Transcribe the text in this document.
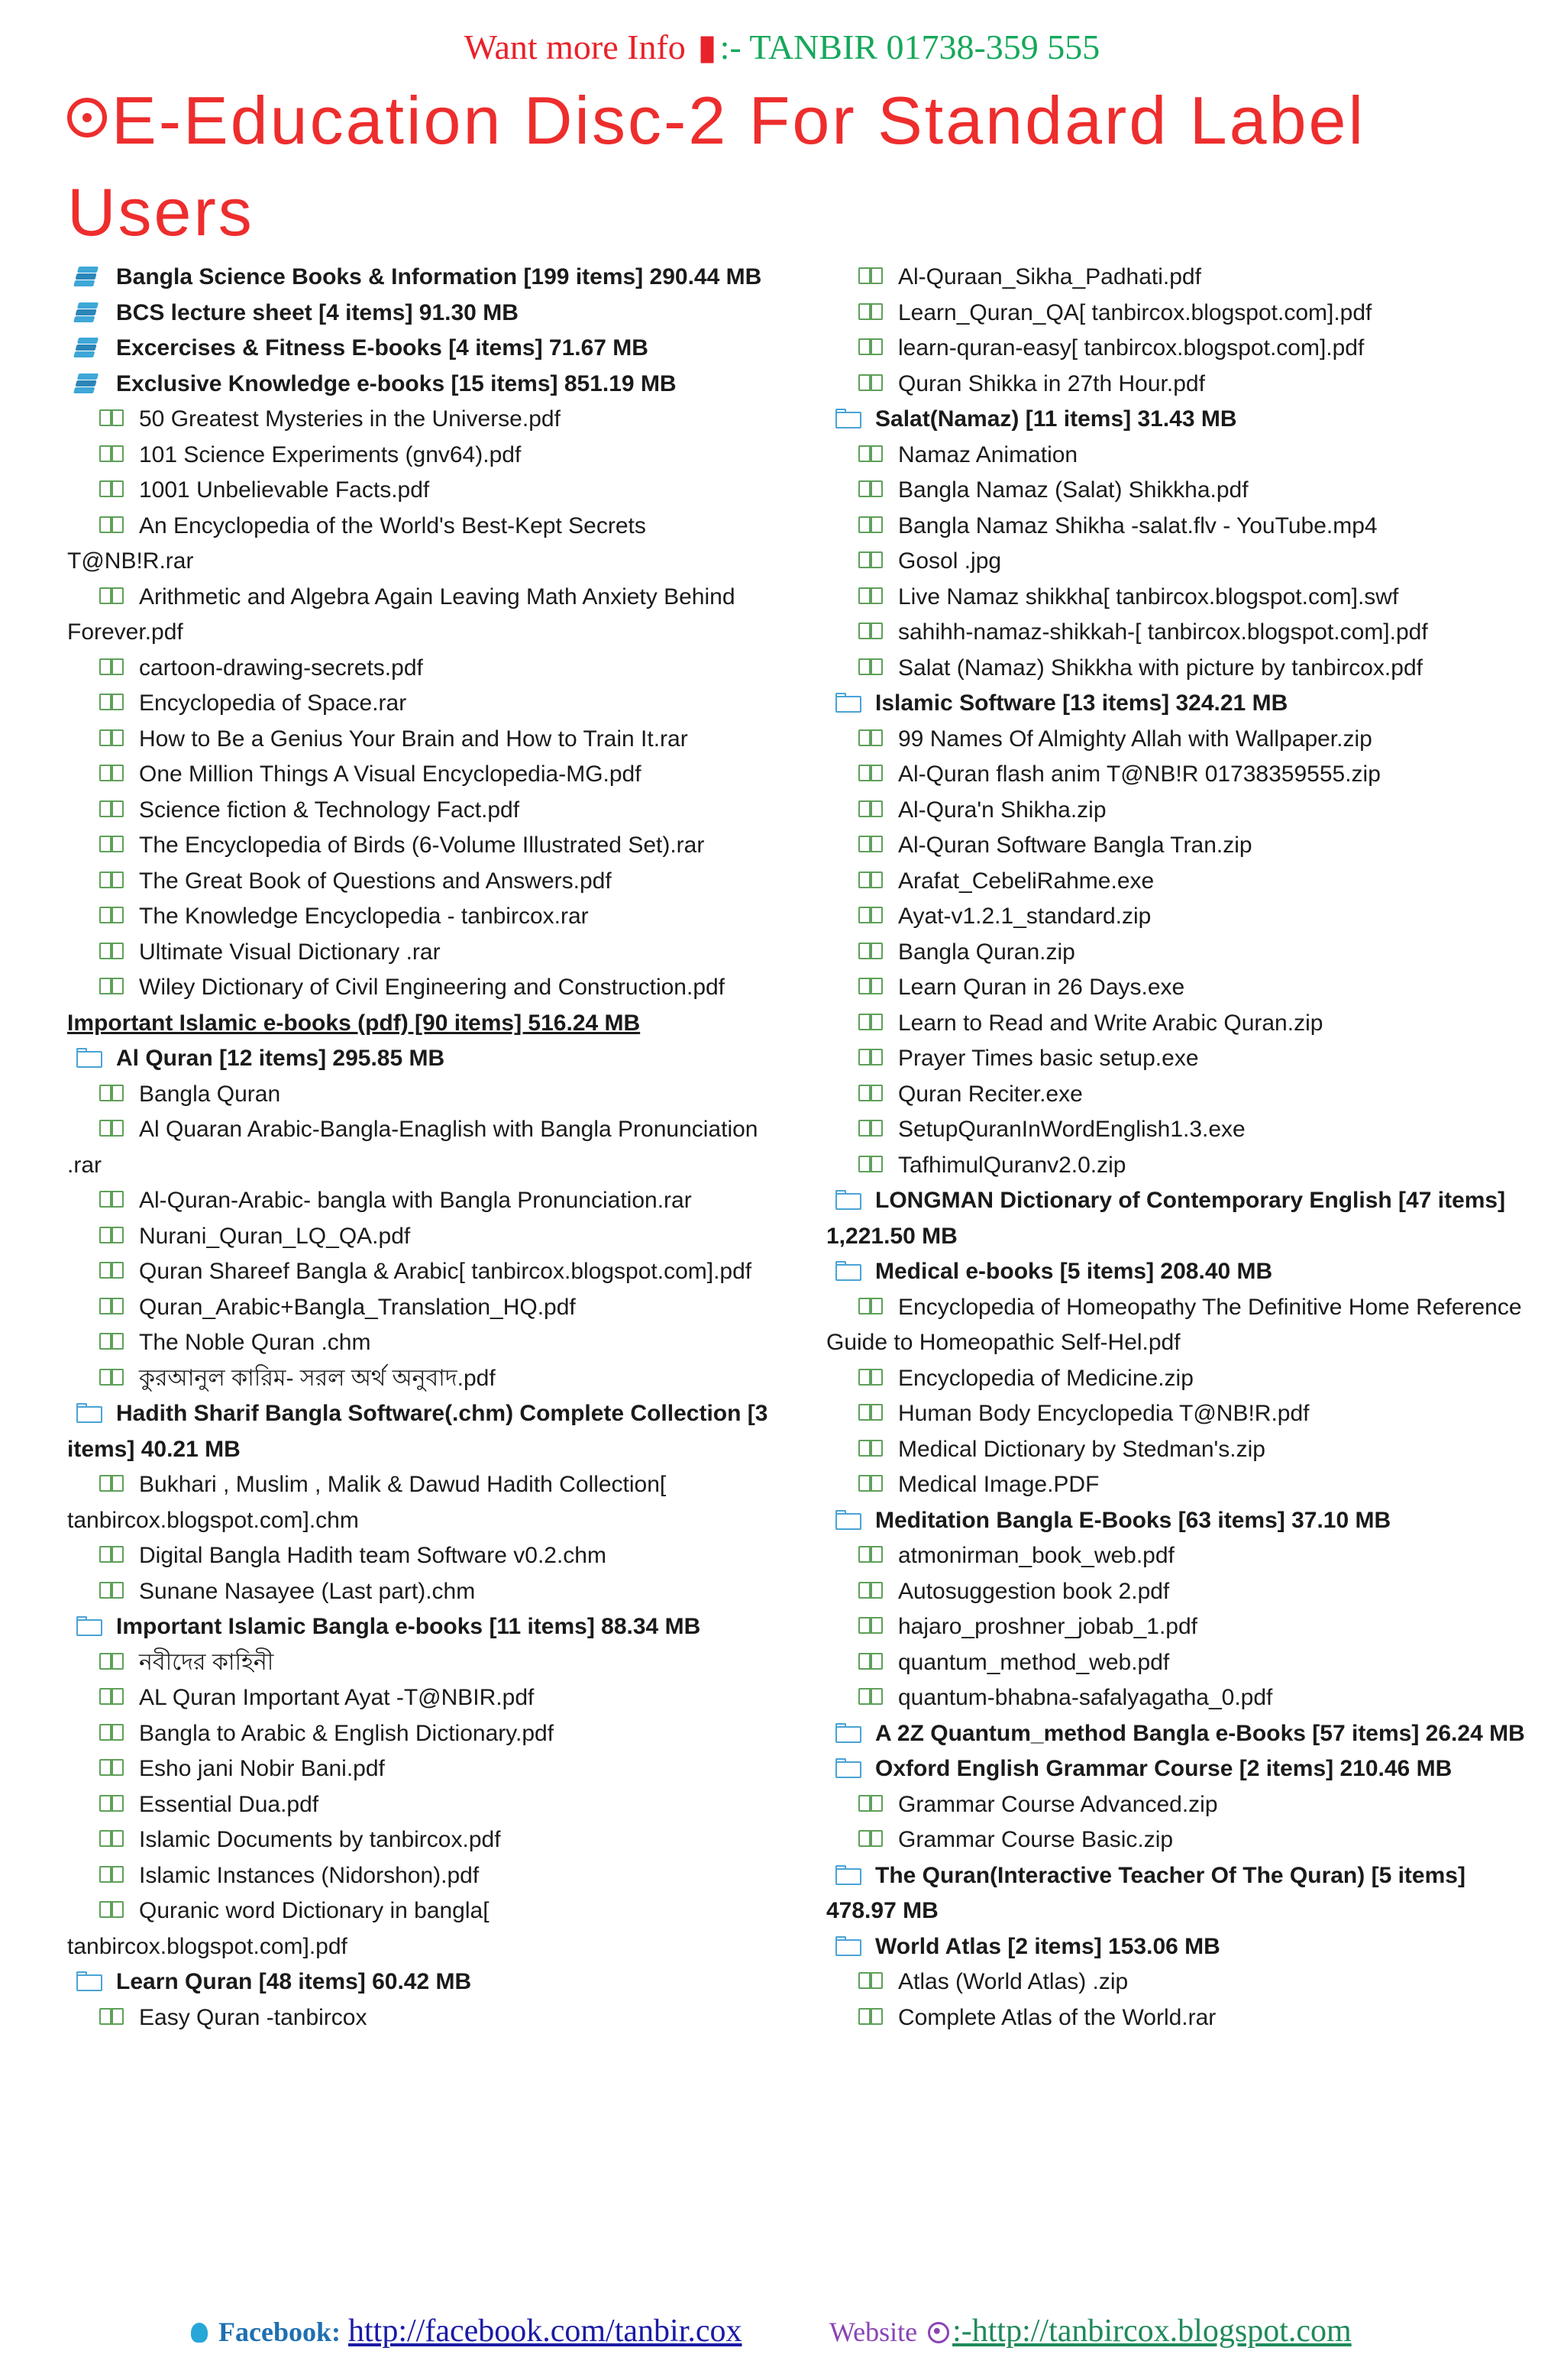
Want more Info ▮:- TANBIR 01738-359 555
E-Education Disc-2 For Standard Label Users
Bangla Science Books & Information [199 items] 290.44 MB
BCS lecture sheet [4 items] 91.30 MB
Excercises & Fitness E-books [4 items] 71.67 MB
Exclusive Knowledge e-books [15 items] 851.19 MB
50 Greatest Mysteries in the Universe.pdf
101 Science Experiments (gnv64).pdf
1001 Unbelievable Facts.pdf
An Encyclopedia of the World's Best-Kept Secrets T@NB!R.rar
Arithmetic and Algebra Again Leaving Math Anxiety Behind Forever.pdf
cartoon-drawing-secrets.pdf
Encyclopedia of Space.rar
How to Be a Genius Your Brain and How to Train It.rar
One Million Things A Visual Encyclopedia-MG.pdf
Science fiction & Technology Fact.pdf
The Encyclopedia of Birds (6-Volume Illustrated Set).rar
The Great Book of Questions and Answers.pdf
The Knowledge Encyclopedia - tanbircox.rar
Ultimate Visual Dictionary .rar
Wiley Dictionary of Civil Engineering and Construction.pdf
Important Islamic e-books (pdf) [90 items] 516.24 MB
Al Quran [12 items] 295.85 MB
Bangla Quran
Al Quaran Arabic-Bangla-Enaglish with Bangla Pronunciation .rar
Al-Quran-Arabic- bangla with Bangla Pronunciation.rar
Nurani_Quran_LQ_QA.pdf
Quran Shareef Bangla & Arabic[ tanbircox.blogspot.com].pdf
Quran_Arabic+Bangla_Translation_HQ.pdf
The Noble Quran .chm
কুরআনুল কারিম- সরল অর্থ অনুবাদ.pdf
Hadith Sharif Bangla Software(.chm) Complete Collection [3 items] 40.21 MB
Bukhari , Muslim , Malik & Dawud Hadith Collection[ tanbircox.blogspot.com].chm
Digital Bangla Hadith team Software v0.2.chm
Sunane Nasayee (Last part).chm
Important Islamic Bangla e-books [11 items] 88.34 MB
নবীদের কাহিনী
AL Quran Important Ayat -T@NBIR.pdf
Bangla to Arabic & English Dictionary.pdf
Esho jani Nobir Bani.pdf
Essential Dua.pdf
Islamic Documents by tanbircox.pdf
Islamic Instances (Nidorshon).pdf
Quranic word Dictionary in bangla[ tanbircox.blogspot.com].pdf
Learn Quran [48 items] 60.42 MB
Easy Quran -tanbircox
Al-Quraan_Sikha_Padhati.pdf
Learn_Quran_QA[ tanbircox.blogspot.com].pdf
learn-quran-easy[ tanbircox.blogspot.com].pdf
Quran Shikka in 27th Hour.pdf
Salat(Namaz) [11 items] 31.43 MB
Namaz Animation
Bangla Namaz (Salat) Shikkha.pdf
Bangla Namaz Shikha -salat.flv - YouTube.mp4
Gosol .jpg
Live Namaz shikkha[ tanbircox.blogspot.com].swf
sahihh-namaz-shikkah-[ tanbircox.blogspot.com].pdf
Salat (Namaz) Shikkha with picture by tanbircox.pdf
Islamic Software [13 items] 324.21 MB
99 Names Of Almighty Allah with Wallpaper.zip
Al-Quran flash anim T@NB!R 01738359555.zip
Al-Qura'n Shikha.zip
Al-Quran Software Bangla Tran.zip
Arafat_CebeliRahme.exe
Ayat-v1.2.1_standard.zip
Bangla Quran.zip
Learn Quran in 26 Days.exe
Learn to Read and Write Arabic Quran.zip
Prayer Times basic setup.exe
Quran Reciter.exe
SetupQuranInWordEnglish1.3.exe
TafhimulQuranv2.0.zip
LONGMAN Dictionary of Contemporary English [47 items] 1,221.50 MB
Medical e-books [5 items] 208.40 MB
Encyclopedia of Homeopathy The Definitive Home Reference Guide to Homeopathic Self-Hel.pdf
Encyclopedia of Medicine.zip
Human Body Encyclopedia T@NB!R.pdf
Medical Dictionary by Stedman's.zip
Medical Image.PDF
Meditation Bangla E-Books [63 items] 37.10 MB
atmonirman_book_web.pdf
Autosuggestion book 2.pdf
hajaro_proshner_jobab_1.pdf
quantum_method_web.pdf
quantum-bhabna-safalyagatha_0.pdf
A 2Z Quantum_method Bangla e-Books [57 items] 26.24 MB
Oxford English Grammar Course [2 items] 210.46 MB
Grammar Course Advanced.zip
Grammar Course Basic.zip
The Quran(Interactive Teacher Of The Quran) [5 items] 478.97 MB
World Atlas [2 items] 153.06 MB
Atlas (World Atlas) .zip
Complete Atlas of the World.rar
Facebook: http://facebook.com/tanbir.cox	Website :-http://tanbircox.blogspot.com
